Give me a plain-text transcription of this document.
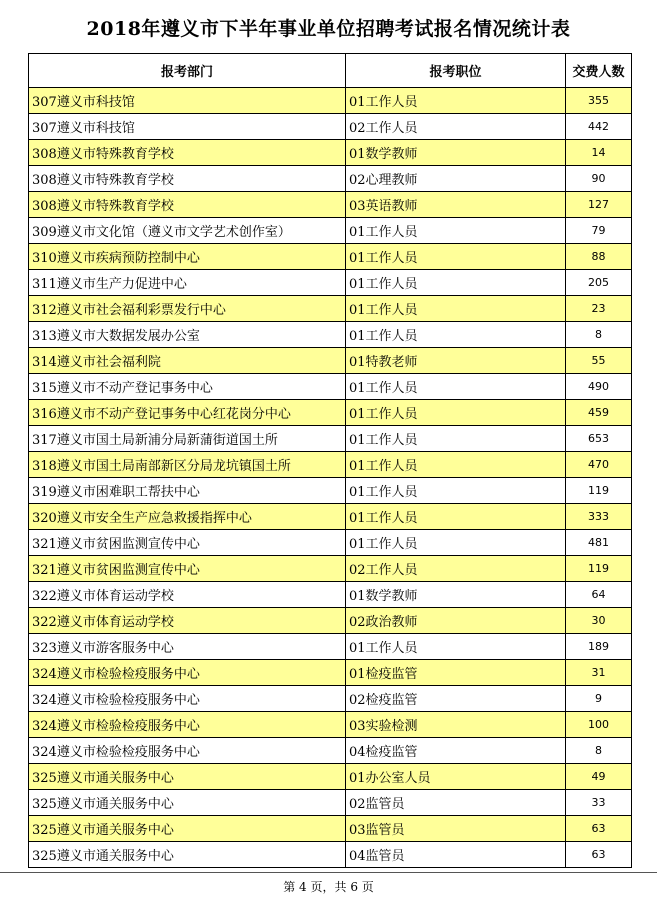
2018年遵义市下半年事业单位招聘考试报名情况统计表
报考部门	报考职位	交费人数
307遵义市科技馆	01工作人员	355
307遵义市科技馆	02工作人员	442
308遵义市特殊教育学校	01数学教师	14
308遵义市特殊教育学校	02心理教师	90
308遵义市特殊教育学校	03英语教师	127
309遵义市文化馆（遵义市文学艺术创作室）	01工作人员	79
310遵义市疾病预防控制中心	01工作人员	88
311遵义市生产力促进中心	01工作人员	205
312遵义市社会福利彩票发行中心	01工作人员	23
313遵义市大数据发展办公室	01工作人员	8
314遵义市社会福利院	01特教老师	55
315遵义市不动产登记事务中心	01工作人员	490
316遵义市不动产登记事务中心红花岗分中心	01工作人员	459
317遵义市国土局新浦分局新蒲街道国土所	01工作人员	653
318遵义市国土局南部新区分局龙坑镇国土所	01工作人员	470
319遵义市困难职工帮扶中心	01工作人员	119
320遵义市安全生产应急救援指挥中心	01工作人员	333
321遵义市贫困监测宣传中心	01工作人员	481
321遵义市贫困监测宣传中心	02工作人员	119
322遵义市体育运动学校	01数学教师	64
322遵义市体育运动学校	02政治教师	30
323遵义市游客服务中心	01工作人员	189
324遵义市检验检疫服务中心	01检疫监管	31
324遵义市检验检疫服务中心	02检疫监管	9
324遵义市检验检疫服务中心	03实验检测	100
324遵义市检验检疫服务中心	04检疫监管	8
325遵义市通关服务中心	01办公室人员	49
325遵义市通关服务中心	02监管员	33
325遵义市通关服务中心	03监管员	63
325遵义市通关服务中心	04监管员	63
第 4 页，共 6 页
